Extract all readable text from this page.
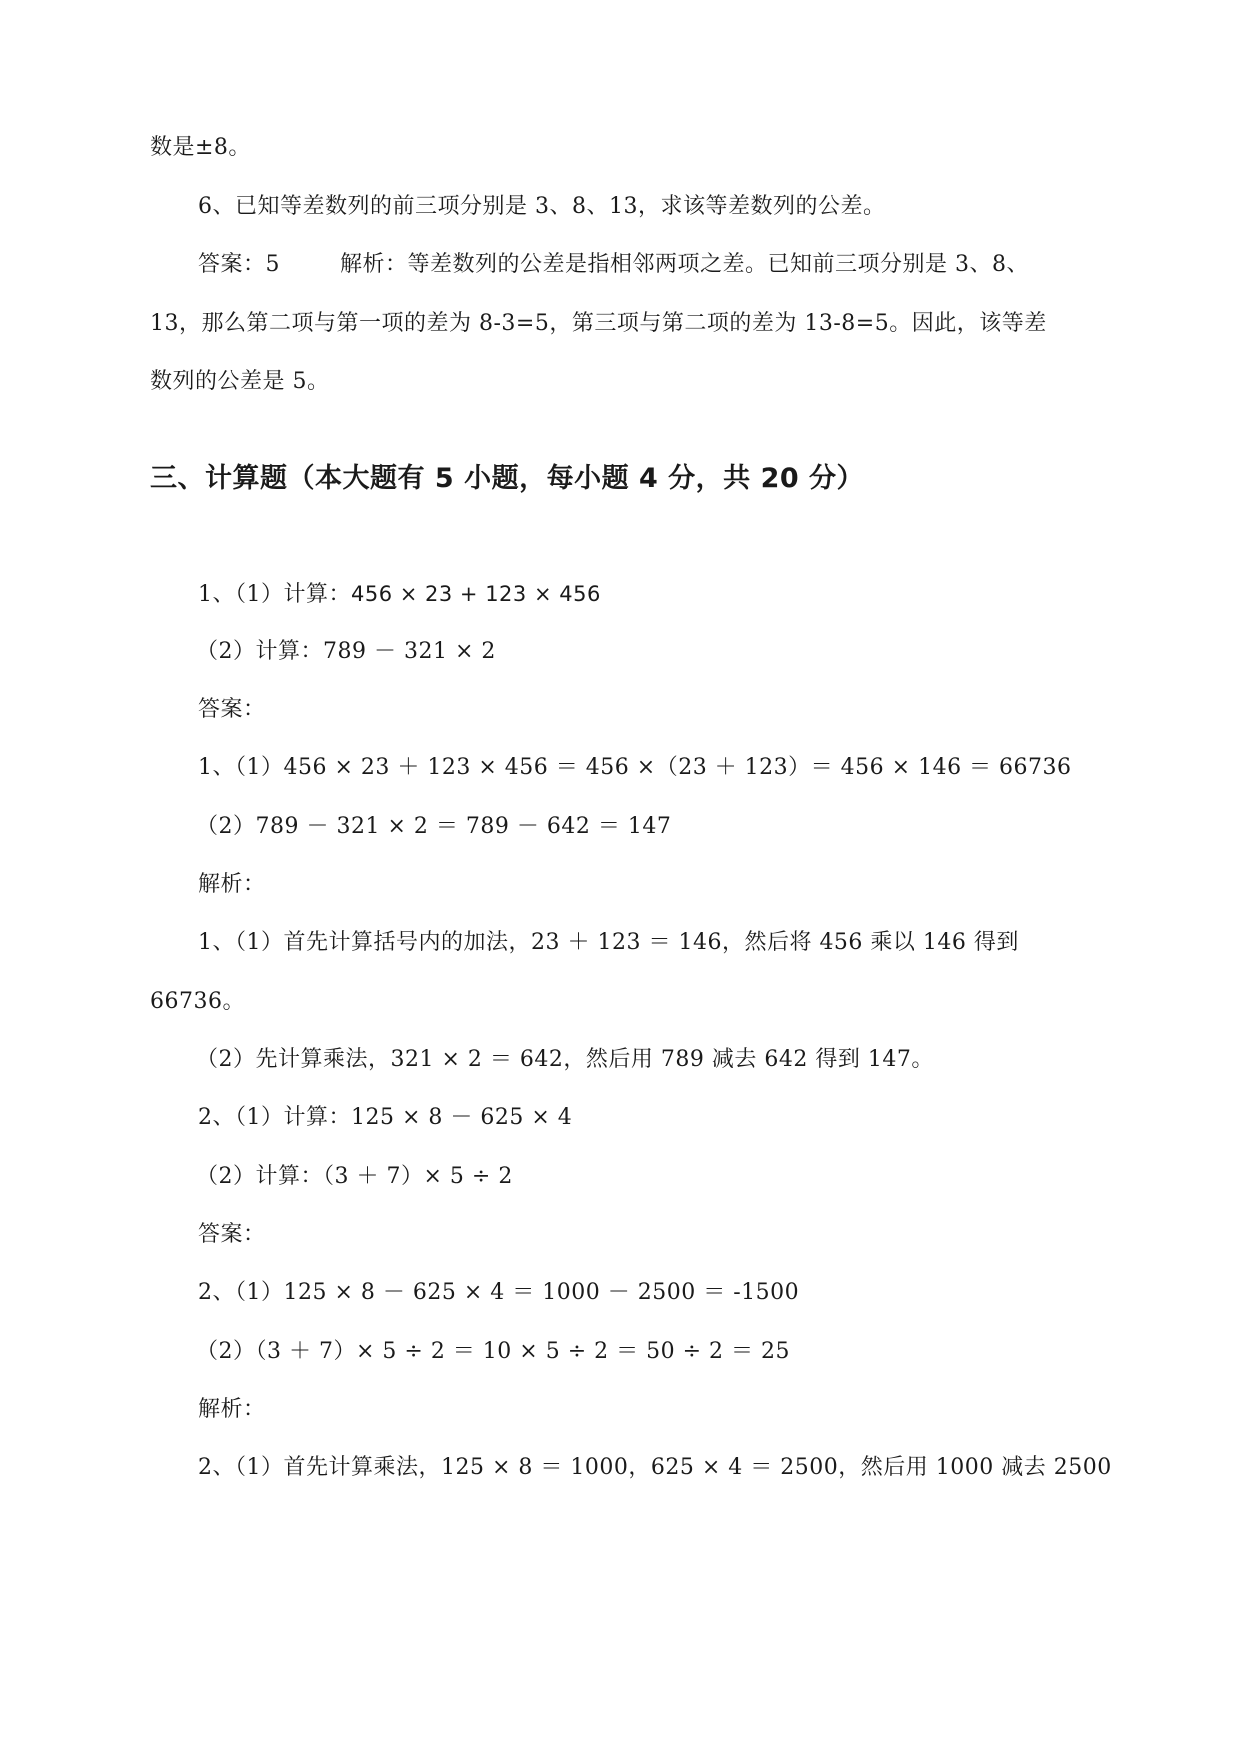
数是±8。
6、已知等差数列的前三项分别是 3、8、13，求该等差数列的公差。
答案：5	解析：等差数列的公差是指相邻两项之差。已知前三项分别是 3、8、
13，那么第二项与第一项的差为 8-3=5，第三项与第二项的差为 13-8=5。因此，该等差
数列的公差是 5。
三、计算题（本大题有 5 小题，每小题 4 分，共 20 分）
1、（1）计算：456 × 23 + 123 × 456
（2）计算：789 － 321 × 2
答案：
1、（1）456 × 23 ＋ 123 × 456 ＝ 456 ×（23 ＋ 123）＝ 456 × 146 ＝ 66736
（2）789 － 321 × 2 ＝ 789 － 642 ＝ 147
解析：
1、（1）首先计算括号内的加法，23 ＋ 123 ＝ 146，然后将 456 乘以 146 得到
66736。
（2）先计算乘法，321 × 2 ＝ 642，然后用 789 减去 642 得到 147。
2、（1）计算：125 × 8 － 625 × 4
（2）计算：（3 ＋ 7）× 5 ÷ 2
答案：
2、（1）125 × 8 － 625 × 4 ＝ 1000 － 2500 ＝ -1500
（2）（3 ＋ 7）× 5 ÷ 2 ＝ 10 × 5 ÷ 2 ＝ 50 ÷ 2 ＝ 25
解析：
2、（1）首先计算乘法，125 × 8 ＝ 1000，625 × 4 ＝ 2500，然后用 1000 减去 2500
